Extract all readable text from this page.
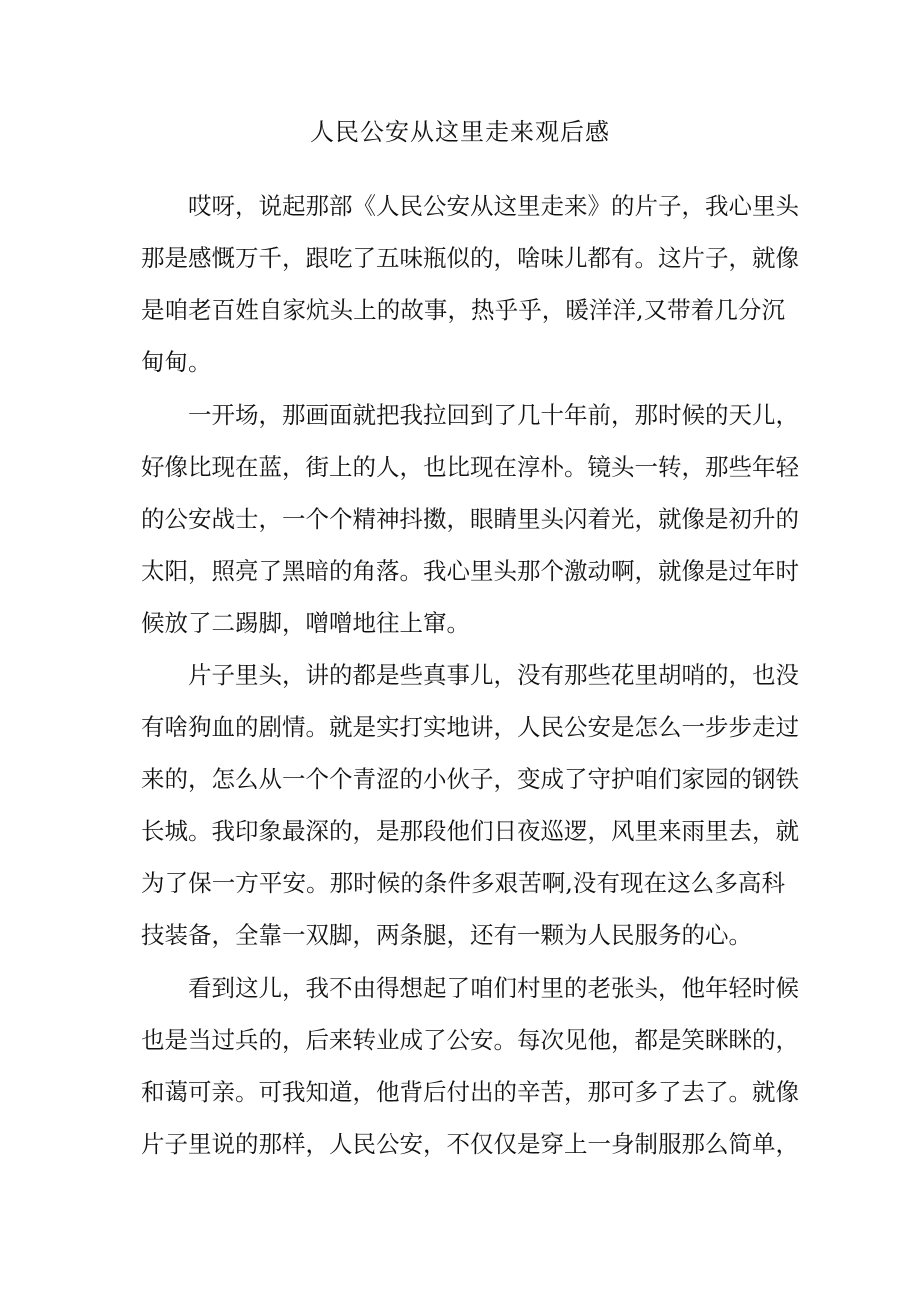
人民公安从这里走来观后感
哎呀，说起那部《人民公安从这里走来》的片子，我心里头
那是感慨万千，跟吃了五味瓶似的，啥味儿都有。这片子，就像
是咱老百姓自家炕头上的故事，热乎乎，暖洋洋,又带着几分沉
甸甸。
一开场，那画面就把我拉回到了几十年前，那时候的天儿，
好像比现在蓝，街上的人，也比现在淳朴。镜头一转，那些年轻
的公安战士，一个个精神抖擞，眼睛里头闪着光，就像是初升的
太阳，照亮了黑暗的角落。我心里头那个激动啊，就像是过年时
候放了二踢脚，噌噌地往上窜。
片子里头，讲的都是些真事儿，没有那些花里胡哨的，也没
有啥狗血的剧情。就是实打实地讲，人民公安是怎么一步步走过
来的，怎么从一个个青涩的小伙子，变成了守护咱们家园的钢铁
长城。我印象最深的，是那段他们日夜巡逻，风里来雨里去，就
为了保一方平安。那时候的条件多艰苦啊,没有现在这么多高科
技装备，全靠一双脚，两条腿，还有一颗为人民服务的心。
看到这儿，我不由得想起了咱们村里的老张头，他年轻时候
也是当过兵的，后来转业成了公安。每次见他，都是笑眯眯的，
和蔼可亲。可我知道，他背后付出的辛苦，那可多了去了。就像
片子里说的那样，人民公安，不仅仅是穿上一身制服那么简单，
